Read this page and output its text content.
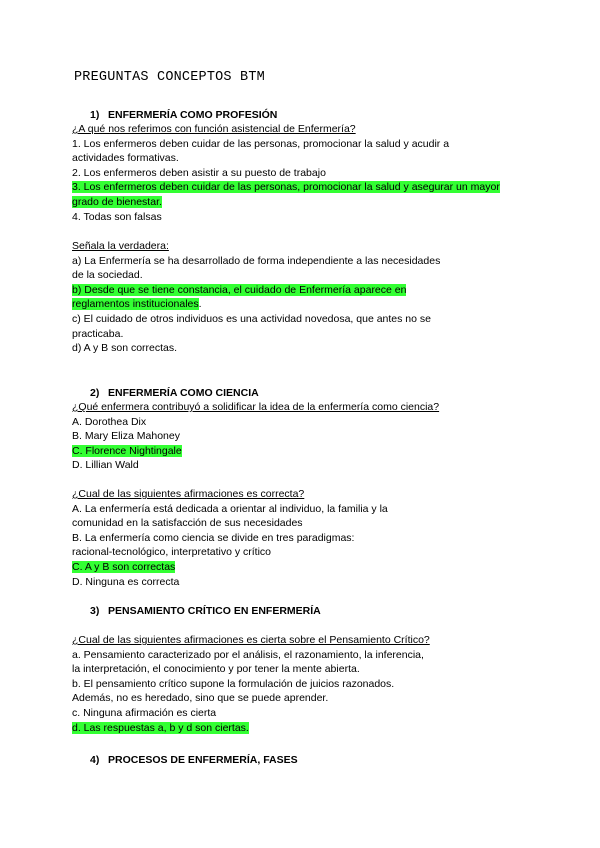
PREGUNTAS CONCEPTOS BTM
1) ENFERMERÍA COMO PROFESIÓN
¿A qué nos referimos con función asistencial de Enfermería?
1. Los enfermeros deben cuidar de las personas, promocionar la salud y acudir a
actividades formativas.
2. Los enfermeros deben asistir a su puesto de trabajo
3. Los enfermeros deben cuidar de las personas, promocionar la salud y asegurar un mayor
grado de bienestar.
4. Todas son falsas
Señala la verdadera:
a) La Enfermería se ha desarrollado de forma independiente a las necesidades
de la sociedad.
b) Desde que se tiene constancia, el cuidado de Enfermería aparece en
reglamentos institucionales.
c) El cuidado de otros individuos es una actividad novedosa, que antes no se
practicaba.
d) A y B son correctas.
2) ENFERMERÍA COMO CIENCIA
¿Qué enfermera contribuyó a solidificar la idea de la enfermería como ciencia?
A. Dorothea Dix
B. Mary Eliza Mahoney
C. Florence Nightingale
D. Lillian Wald
¿Cual de las siguientes afirmaciones es correcta?
A. La enfermería está dedicada a orientar al individuo, la familia y la
comunidad en la satisfacción de sus necesidades
B. La enfermería como ciencia se divide en tres paradigmas:
racional-tecnológico, interpretativo y crítico
C. A y B son correctas
D. Ninguna es correcta
3) PENSAMIENTO CRÍTICO EN ENFERMERÍA
¿Cual de las siguientes afirmaciones es cierta sobre el Pensamiento Crítico?
a. Pensamiento caracterizado por el análisis, el razonamiento, la inferencia,
la interpretación, el conocimiento y por tener la mente abierta.
b. El pensamiento crítico supone la formulación de juicios razonados.
Además, no es heredado, sino que se puede aprender.
c. Ninguna afirmación es cierta
d. Las respuestas a, b y d son ciertas.
4) PROCESOS DE ENFERMERÍA, FASES
